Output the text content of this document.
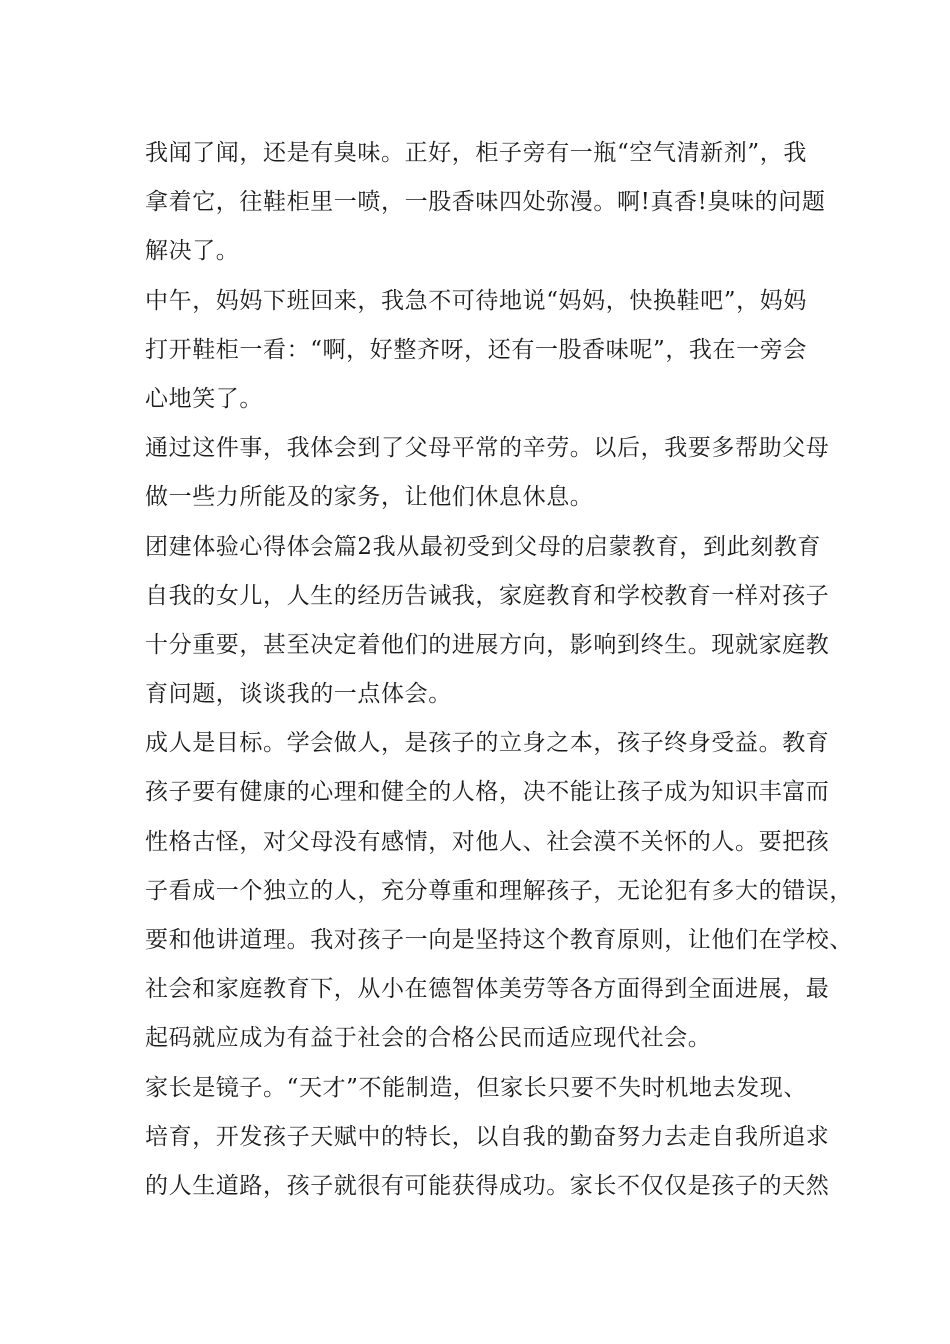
我闻了闻，还是有臭味。正好，柜子旁有一瓶“空气清新剂”，我
拿着它，往鞋柜里一喷，一股香味四处弥漫。啊!真香!臭味的问题
解决了。
中午，妈妈下班回来，我急不可待地说“妈妈，快换鞋吧”，妈妈
打开鞋柜一看：“啊，好整齐呀，还有一股香味呢”，我在一旁会
心地笑了。
通过这件事，我体会到了父母平常的辛劳。以后，我要多帮助父母
做一些力所能及的家务，让他们休息休息。
团建体验心得体会篇2我从最初受到父母的启蒙教育，到此刻教育
自我的女儿，人生的经历告诫我，家庭教育和学校教育一样对孩子
十分重要，甚至决定着他们的进展方向，影响到终生。现就家庭教
育问题，谈谈我的一点体会。
成人是目标。学会做人，是孩子的立身之本，孩子终身受益。教育
孩子要有健康的心理和健全的人格，决不能让孩子成为知识丰富而
性格古怪，对父母没有感情，对他人、社会漠不关怀的人。要把孩
子看成一个独立的人，充分尊重和理解孩子，无论犯有多大的错误，
要和他讲道理。我对孩子一向是坚持这个教育原则，让他们在学校、
社会和家庭教育下，从小在德智体美劳等各方面得到全面进展，最
起码就应成为有益于社会的合格公民而适应现代社会。
家长是镜子。“天才”不能制造，但家长只要不失时机地去发现、
培育，开发孩子天赋中的特长，以自我的勤奋努力去走自我所追求
的人生道路，孩子就很有可能获得成功。家长不仅仅是孩子的天然
